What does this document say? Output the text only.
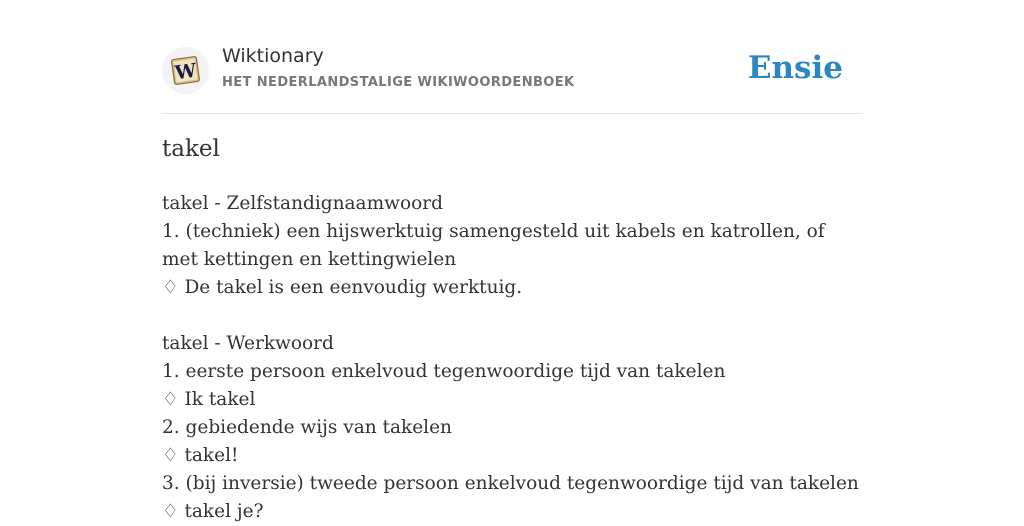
W
Wiktionary
HET NEDERLANDSTALIGE WIKIWOORDENBOEK	Ensie
takel
takel - Zelfstandignaamwoord
1. (techniek) een hijswerktuig samengesteld uit kabels en katrollen, of met kettingen en kettingwielen
♢ De takel is een eenvoudig werktuig.
takel - Werkwoord
1. eerste persoon enkelvoud tegenwoordige tijd van takelen
♢ Ik takel
2. gebiedende wijs van takelen
♢ takel!
3. (bij inversie) tweede persoon enkelvoud tegenwoordige tijd van takelen
♢ takel je?
